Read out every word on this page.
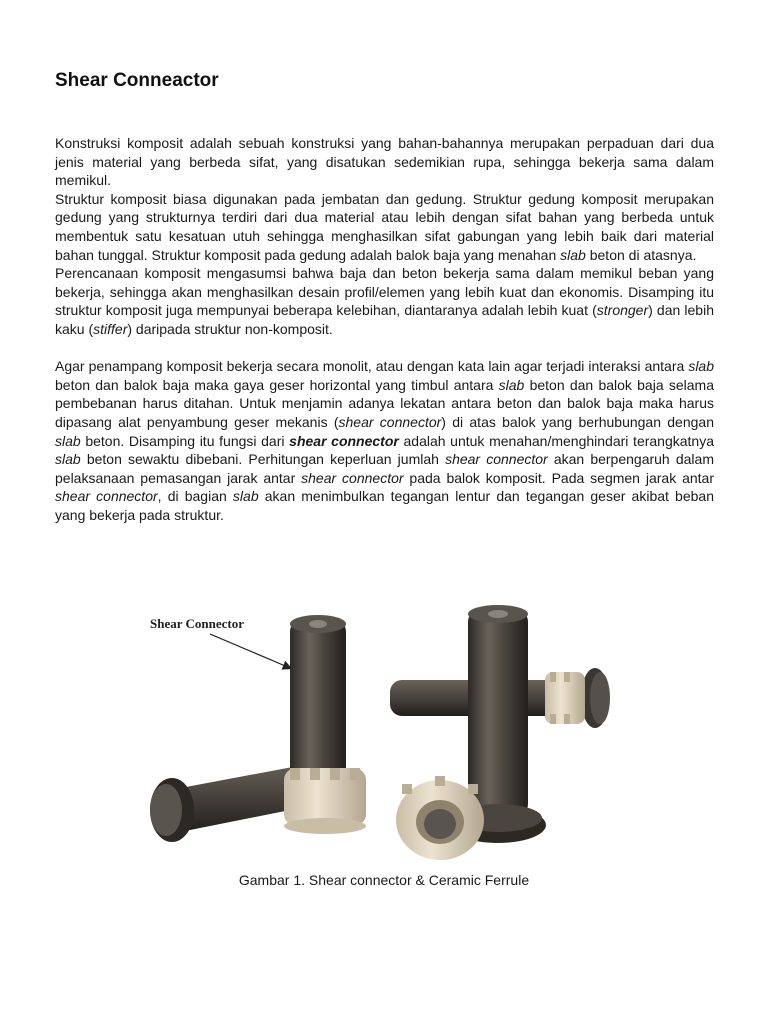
Shear Conneactor

Konstruksi komposit adalah sebuah konstruksi yang bahan-bahannya merupakan perpaduan dari dua jenis material yang berbeda sifat, yang disatukan sedemikian rupa, sehingga bekerja sama dalam memikul.

Struktur komposit biasa digunakan pada jembatan dan gedung. Struktur gedung komposit merupakan gedung yang strukturnya terdiri dari dua material atau lebih dengan sifat bahan yang berbeda untuk membentuk satu kesatuan utuh sehingga menghasilkan sifat gabungan yang lebih baik dari material bahan tunggal. Struktur komposit pada gedung adalah balok baja yang menahan slab beton di atasnya.

Perencanaan komposit mengasumsi bahwa baja dan beton bekerja sama dalam memikul beban yang bekerja, sehingga akan menghasilkan desain profil/elemen yang lebih kuat dan ekonomis. Disamping itu struktur komposit juga mempunyai beberapa kelebihan, diantaranya adalah lebih kuat (stronger) dan lebih kaku (stiffer) daripada struktur non-komposit.

Agar penampang komposit bekerja secara monolit, atau dengan kata lain agar terjadi interaksi antara slab beton dan balok baja maka gaya geser horizontal yang timbul antara slab beton dan balok baja selama pembebanan harus ditahan. Untuk menjamin adanya lekatan antara beton dan balok baja maka harus dipasang alat penyambung geser mekanis (shear connector) di atas balok yang berhubungan dengan slab beton. Disamping itu fungsi dari shear connector adalah untuk menahan/menghindari terangkatnya slab beton sewaktu dibebani. Perhitungan keperluan jumlah shear connector akan berpengaruh dalam pelaksanaan pemasangan jarak antar shear connector pada balok komposit. Pada segmen jarak antar shear connector, di bagian slab akan menimbulkan tegangan lentur dan tegangan geser akibat beban yang bekerja pada struktur.

Shear Connector
Gambar 1. Shear connector & Ceramic Ferrule
